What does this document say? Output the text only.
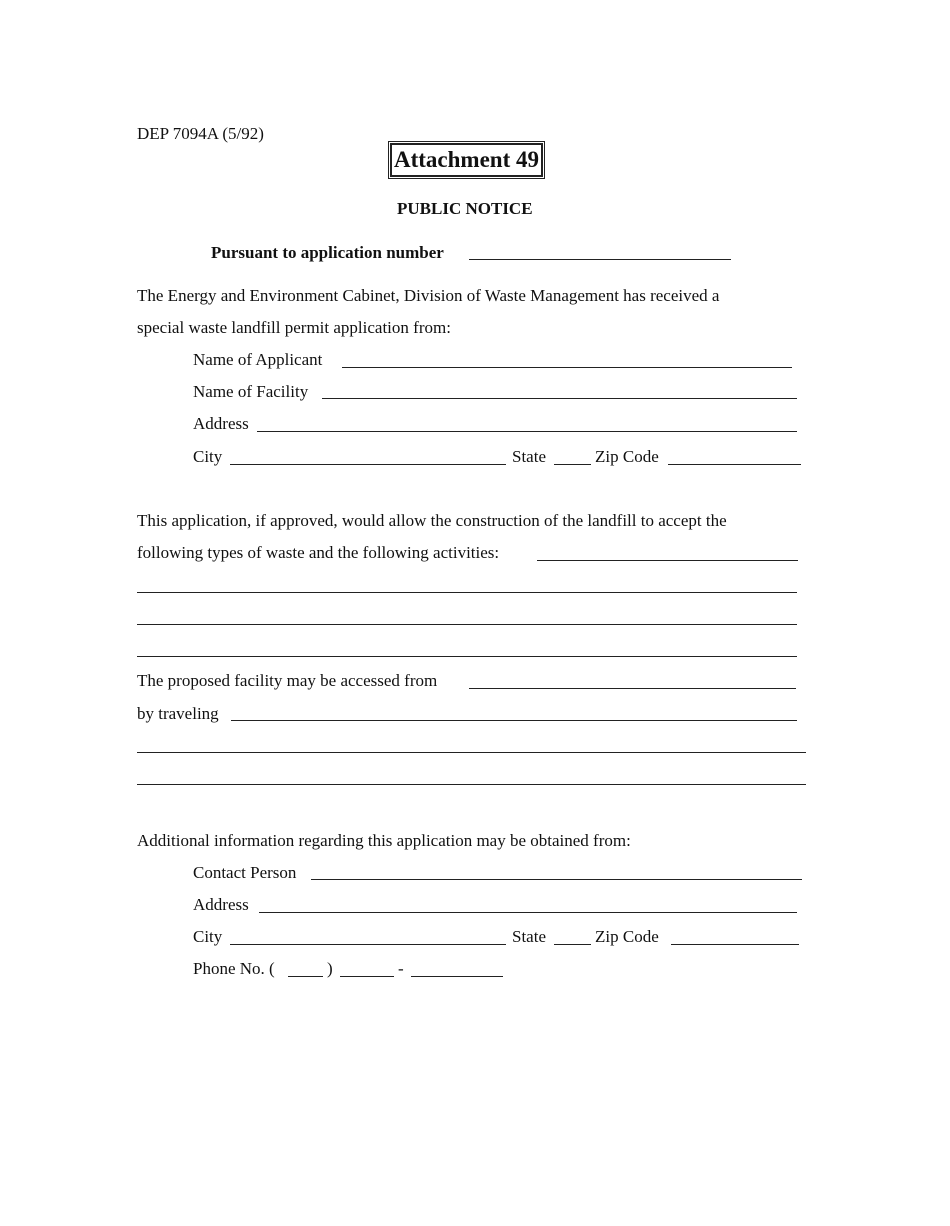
DEP 7094A (5/92)
Attachment 49
PUBLIC NOTICE
Pursuant to application number
The Energy and Environment Cabinet, Division of Waste Management has received a
special waste landfill permit application from:
Name of Applicant
Name of Facility
Address
City	State	Zip Code
This application, if approved, would allow the construction of the landfill to accept the
following types of waste and the following activities:
The proposed facility may be accessed from
by traveling
Additional information regarding this application may be obtained from:
Contact Person
Address
City	State	Zip Code
Phone No. (	)	-
